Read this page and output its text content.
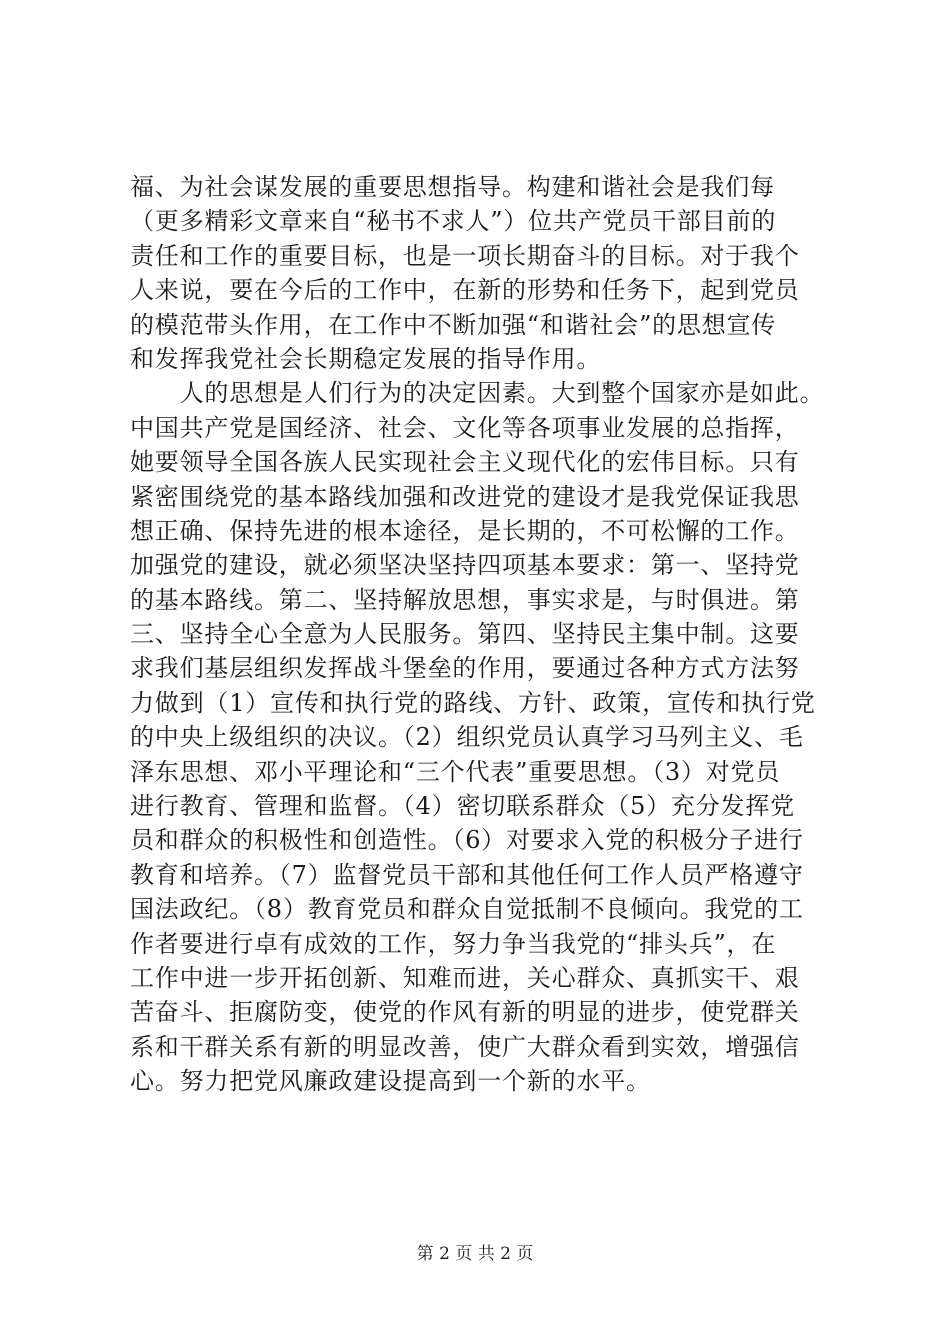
福、为社会谋发展的重要思想指导。构建和谐社会是我们每
（更多精彩文章来自“秘书不求人”）位共产党员干部目前的
责任和工作的重要目标，也是一项长期奋斗的目标。对于我个
人来说，要在今后的工作中，在新的形势和任务下，起到党员
的模范带头作用，在工作中不断加强“和谐社会”的思想宣传
和发挥我党社会长期稳定发展的指导作用。
　　人的思想是人们行为的决定因素。大到整个国家亦是如此。
中国共产党是国经济、社会、文化等各项事业发展的总指挥，
她要领导全国各族人民实现社会主义现代化的宏伟目标。只有
紧密围绕党的基本路线加强和改进党的建设才是我党保证我思
想正确、保持先进的根本途径，是长期的，不可松懈的工作。
加强党的建设，就必须坚决坚持四项基本要求：第一、坚持党
的基本路线。第二、坚持解放思想，事实求是，与时俱进。第
三、坚持全心全意为人民服务。第四、坚持民主集中制。这要
求我们基层组织发挥战斗堡垒的作用，要通过各种方式方法努
力做到（1）宣传和执行党的路线、方针、政策，宣传和执行党
的中央上级组织的决议。（2）组织党员认真学习马列主义、毛
泽东思想、邓小平理论和“三个代表”重要思想。（3）对党员
进行教育、管理和监督。（4）密切联系群众（5）充分发挥党
员和群众的积极性和创造性。（6）对要求入党的积极分子进行
教育和培养。（7）监督党员干部和其他任何工作人员严格遵守
国法政纪。（8）教育党员和群众自觉抵制不良倾向。我党的工
作者要进行卓有成效的工作，努力争当我党的“排头兵”，在
工作中进一步开拓创新、知难而进，关心群众、真抓实干、艰
苦奋斗、拒腐防变，使党的作风有新的明显的进步，使党群关
系和干群关系有新的明显改善，使广大群众看到实效，增强信
心。努力把党风廉政建设提高到一个新的水平。
第 2 页 共 2 页
